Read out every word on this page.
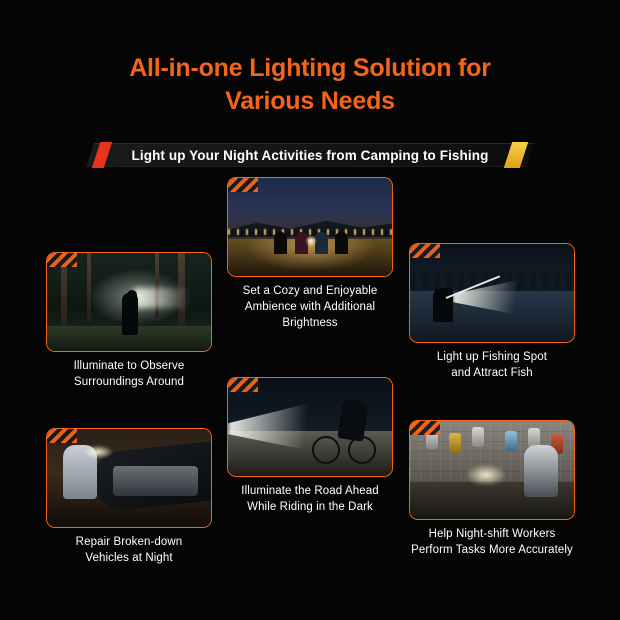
All-in-one Lighting Solution for
Various Needs
Light up Your Night Activities from Camping to Fishing
Illuminate to Observe
Surroundings Around
Set a Cozy and Enjoyable
Ambience with Additional
Brightness
Light up Fishing Spot
and Attract Fish
Repair Broken-down
Vehicles at Night
Illuminate the Road Ahead
While Riding in the Dark
Help Night-shift Workers
Perform Tasks More Accurately
